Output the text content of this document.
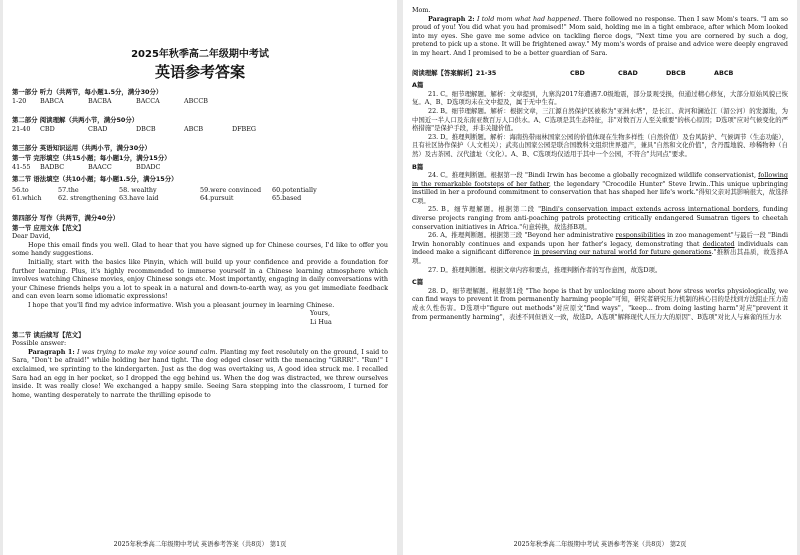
2025年秋季高二年级期中考试
英语参考答案
第一部分 听力（共两节，每小题1.5分，满分30分）
1-20	BABCA	BACBA	BACCA	ABCCB
第二部分 阅读理解（共两小节，满分50分）
21-40	CBD	CBAD	DBCB	ABCB	DFBEG
第三部分 英语知识运用（共两小节，满分30分）
第一节 完形填空（共15小题；每小题1分，满分15分）
41-55	BADBC	BAACC	BDADC
第二节 语法填空（共10小题；每小题1.5分，满分15分）
56.to	57.the	58. wealthy	59.were convinced	60.potentially
61.which	62. strengthening 63.have laid	64.pursuit	65.based
第四部分 写作（共两节，满分40分）
第一节 应用文体【范文】

Dear David,

Hope this email finds you well. Glad to hear that you have signed up for Chinese courses, I'd like to offer you some handy suggestions.

Initially, start with the basics like Pinyin, which will build up your confidence and provide a foundation for further learning. Plus, it's highly recommended to immerse yourself in a Chinese learning atmosphere which involves watching Chinese movies, enjoy Chinese songs etc. Most importantly, engaging in daily conversations with your Chinese friends helps you a lot to speak in a natural and down-to-earth way, as you get immediate feedback and can even learn some idiomatic expressions!

I hope that you'll find my advice informative. Wish you a pleasant journey in learning Chinese.

Yours,

Li Hua

第二节 读后续写【范文】

Possible answer:

Paragraph 1: I was trying to make my voice sound calm. Planting my feet resolutely on the ground, I said to Sara, "Don't be afraid!" while holding her hand tight. The dog edged closer with the menacing "GRRR!". "Run!" I exclaimed, we sprinting to the kindergarten. Just as the dog was overtaking us, A good idea struck me. I recalled Sara had an egg in her pocket, so I dropped the egg behind us. When the dog was distracted, we threw ourselves inside. It was really close! We exchanged a happy smile. Seeing Sara stepping into the classroom, I turned for home, wanting desperately to narrate the thrilling episode to

2025年秋季高二年级期中考试 英语参考答案（共8页） 第1页

Mom.

Paragraph 2: I told mom what had happened. There followed no response. Then I saw Mom's tears. "I am so proud of you! You did what you had promised!" Mom said, holding me in a tight embrace, after which Mom looked into my eyes. She gave me some advice on tackling fierce dogs, "Next time you are cornered by such a dog, pretend to pick up a stone. It will be frightened away." My mom's words of praise and advice were deeply engraved in my heart. And I promised to be a better guardian of Sara.

阅读理解【答案解析】21-35	CBD	CBAD	DBCB	ABCB
A篇

21. C。细节理解题。解析：文章提到，九寨沟2017年遭遇7.0级地震，部分景观受损，但通过精心修复，大部分原始风貌已恢复。A、B、D选项均未在文中提及，属于无中生有。

22. B。细节理解题。解析：根据文章，三江源自然保护区被称为"亚洲水塔"，是长江、黄河和澜沧江（湄公河）的发源地，为中国近一半人口及东南亚数百万人口供水。A、C选项是其生态特征，非"对数百万人至关重要"的核心原因；D选项"应对气候变化的严格措施"是保护手段，并非关键价值。

23. D。推理判断题。解析：海南热带雨林国家公园的价值体现在生物多样性（自然价值）及台风防护、气候调节（生态功能），且有社区协作保护（人文相关）；武夷山国家公园是联合国教科文组织世界遗产，兼具"自然和文化价值"，含丹霞地貌、珍稀物种（自然）及古茶园、汉代遗址（文化）。A、B、C选项均仅适用于其中一个公园，不符合"共同点"要求。

B篇

24. C。推理判断题。根据第一段 "Bindi Irwin has become a globally recognized wildlife conservationist, following in the remarkable footsteps of her father, the legendary "Crocodile Hunter" Steve Irwin..This unique upbringing instilled in her a profound commitment to conservation that has shaped her life's work."得知父亲对其影响很大，故选择C项。

25. B。细节理解题。根据第二段 "Bindi's conservation impact extends across international borders, funding diverse projects ranging from anti-poaching patrols protecting critically endangered Sumatran tigers to cheetah conservation initiatives in Africa."句意转换，故选择B项。

26. A。推理判断题。根据第三段 "Beyond her administrative responsibilities in zoo management"与最后一段 "Bindi Irwin honorably continues and expands upon her father's legacy, demonstrating that dedicated individuals can indeed make a significant difference in preserving our natural world for future generations."推断出其品质，故选择A项。

27. D。推理判断题。根据文章内容和要点，推理判断作者的写作意图，故选D项。

C篇

28. D。细节理解题。根据第1段 "The hope is that by unlocking more about how stress works physiologically, we can find ways to prevent it from permanently harming people"可知，研究者研究压力机制的核心目的是找到方法阻止压力造成永久性伤害。D选项中"figure out methods"对应原文"find ways"，"keep... from doing lasting harm"对应"prevent it from permanently harming"，表述不同但语义一致，故选D。A选项"解释现代人压力大的原因"、B选项"对比人与麻雀的压力水

2025年秋季高二年级期中考试 英语参考答案（共8页） 第2页
